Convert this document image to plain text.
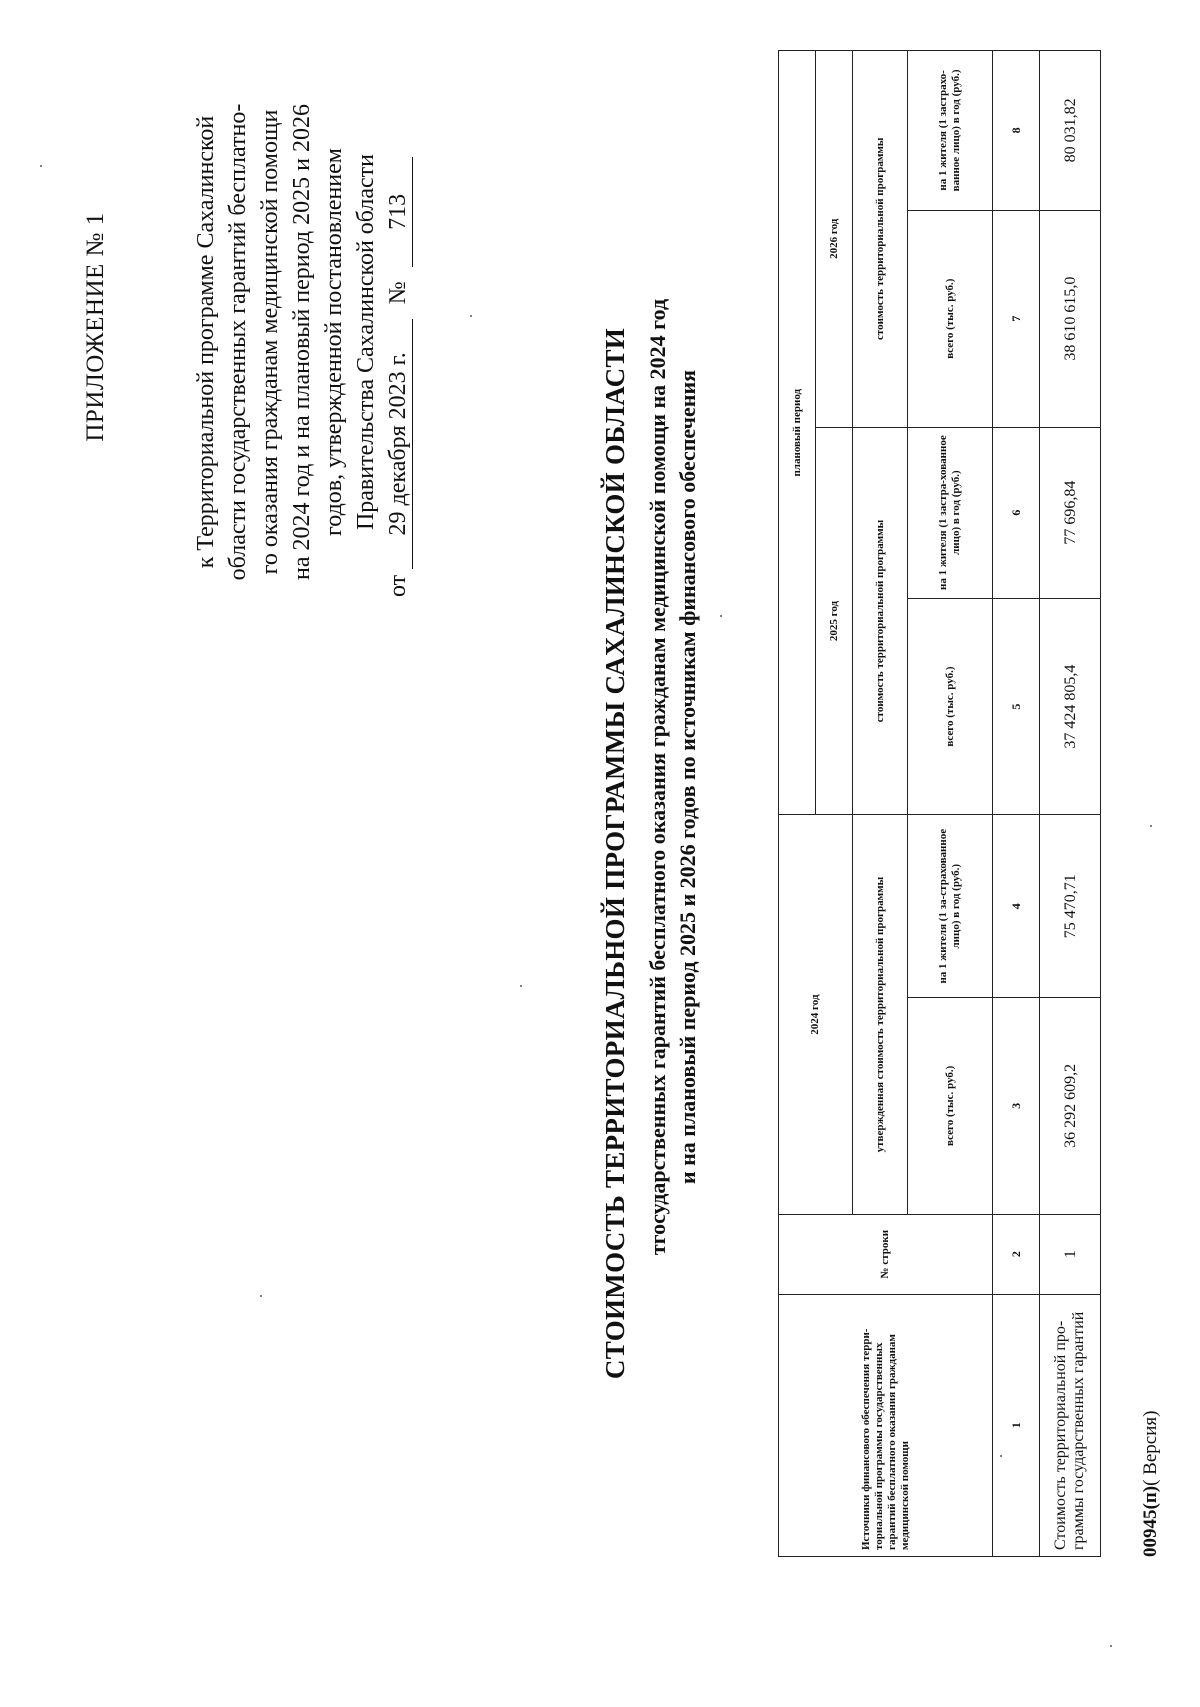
ПРИЛОЖЕНИЕ № 1	к Территориальной программе Сахалинской области государственных гарантий бесплатно- го оказания гражданам медицинской помощи на 2024 год и на плановый период 2025 и 2026 годов, утвержденной постановлением Правительства Сахалинской области
от 29 декабря 2023 г. № 713
СТОИМОСТЬ ТЕРРИТОРИАЛЬНОЙ ПРОГРАММЫ САХАЛИНСКОЙ ОБЛАСТИ тгосударственных гарантий бесплатного оказания гражданам медицинской помощи на 2024 год и на плановый период 2025 и 2026 годов по источникам финансового обеспечения
Источники финансового обеспечения терри-ториальной программы государственных гарантий бесплатного оказания гражданам медицинской помощи	№ строки	2024 год		плановый период			
				2025 год		2026 год	
		утвержденная стоимость территориальной программы		стоимость территориальной программы		стоимость территориальной программы	
		всего (тыс. руб.)	на 1 жителя (1 за-страхованное лицо) в год (руб.)	всего (тыс. руб.)	на 1 жителя (1 застра-хованное лицо) в год (руб.)	всего (тыс. руб.)	на 1 жителя (1 застрахо-ванное лицо) в год (руб.)
1	2	3	4	5	6	7	8
Стоимость территориальной про-граммы государственных гарантий	1	36 292 609,2	75 470,71	37 424 805,4	77 696,84	38 610 615,0	80 031,82
00945(п)( Версия)
